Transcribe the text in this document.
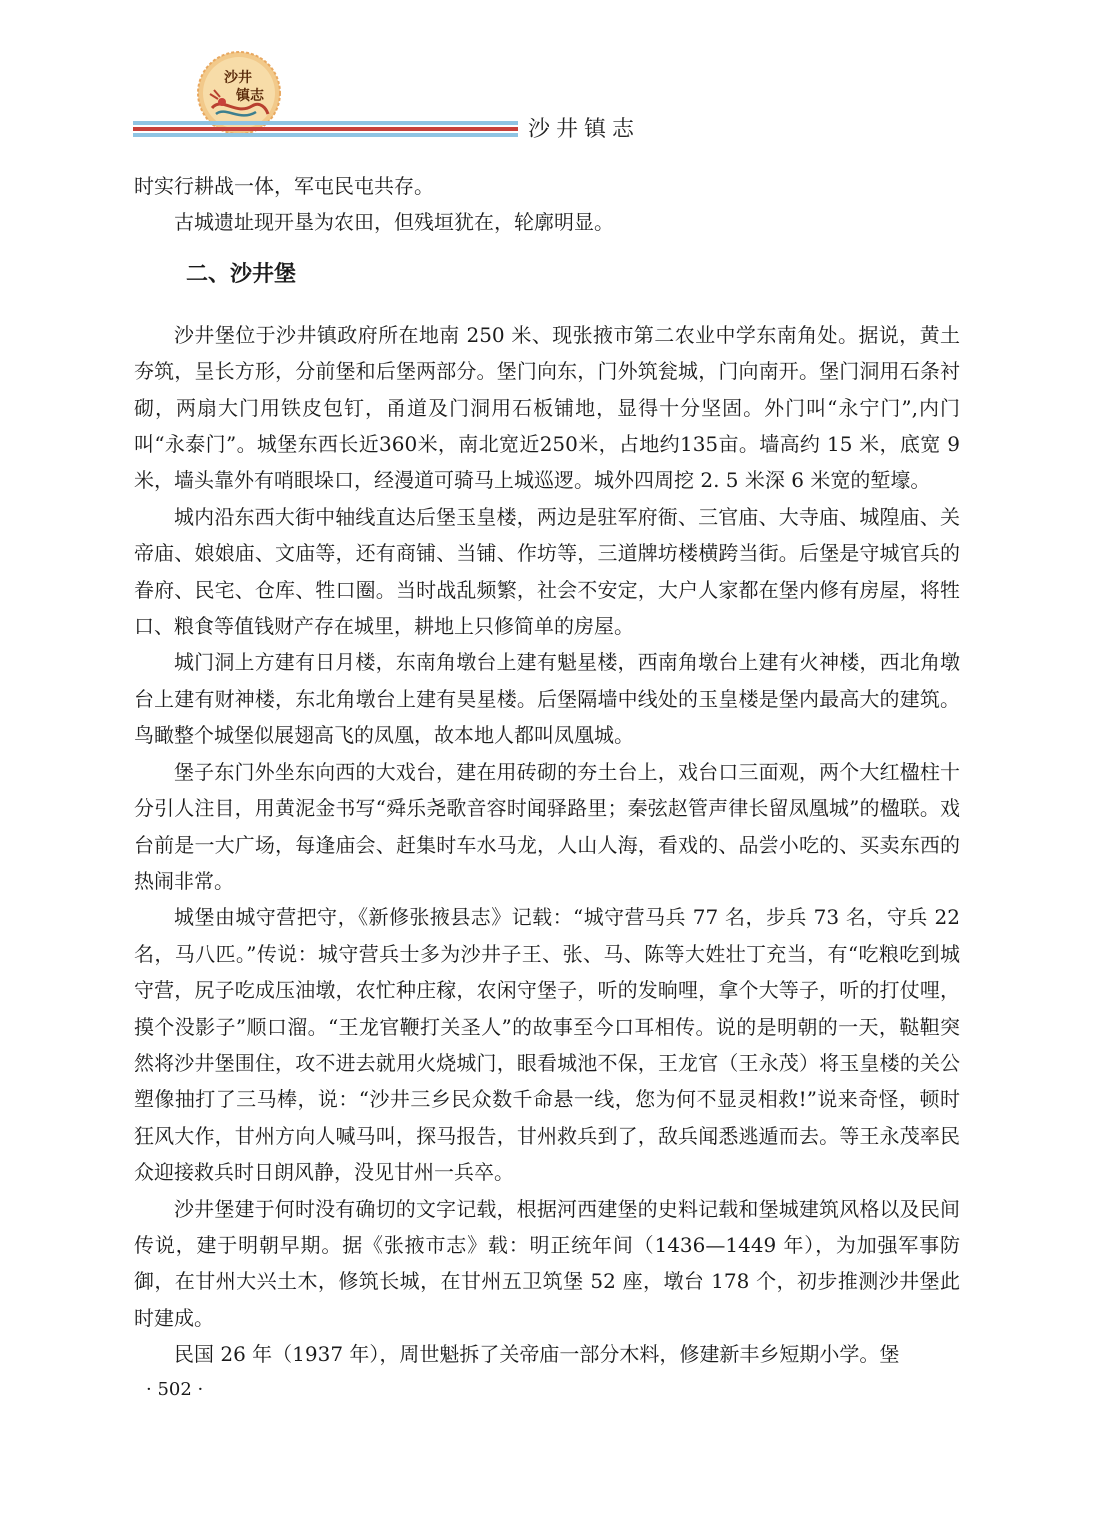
沙井
镇志
沙井镇志

时实行耕战一体，军屯民屯共存。

古城遗址现开垦为农田，但残垣犹在，轮廓明显。

二、沙井堡

沙井堡位于沙井镇政府所在地南 250 米、现张掖市第二农业中学东南角处。据说，黄土夯筑，呈长方形，分前堡和后堡两部分。堡门向东，门外筑瓮城，门向南开。堡门洞用石条衬砌，两扇大门用铁皮包钉，甬道及门洞用石板铺地，显得十分坚固。外门叫“永宁门”,内门叫“永泰门”。城堡东西长近360米，南北宽近250米，占地约135亩。墙高约 15 米，底宽 9 米，墙头靠外有哨眼垛口，经漫道可骑马上城巡逻。城外四周挖 2. 5 米深 6 米宽的堑壕。

城内沿东西大街中轴线直达后堡玉皇楼，两边是驻军府衙、三官庙、大寺庙、城隍庙、关帝庙、娘娘庙、文庙等，还有商铺、当铺、作坊等，三道牌坊楼横跨当街。后堡是守城官兵的眷府、民宅、仓库、牲口圈。当时战乱频繁，社会不安定，大户人家都在堡内修有房屋，将牲口、粮食等值钱财产存在城里，耕地上只修简单的房屋。

城门洞上方建有日月楼，东南角墩台上建有魁星楼，西南角墩台上建有火神楼，西北角墩台上建有财神楼，东北角墩台上建有昊星楼。后堡隔墙中线处的玉皇楼是堡内最高大的建筑。鸟瞰整个城堡似展翅高飞的凤凰，故本地人都叫凤凰城。

堡子东门外坐东向西的大戏台，建在用砖砌的夯土台上，戏台口三面观，两个大红楹柱十分引人注目，用黄泥金书写“舜乐尧歌音容时闻驿路里；秦弦赵管声律长留凤凰城”的楹联。戏台前是一大广场，每逢庙会、赶集时车水马龙，人山人海，看戏的、品尝小吃的、买卖东西的热闹非常。

城堡由城守营把守，《新修张掖县志》记载：“城守营马兵 77 名，步兵 73 名，守兵 22 名，马八匹。”传说：城守营兵士多为沙井子王、张、马、陈等大姓壮丁充当，有“吃粮吃到城守营，尻子吃成压油墩，农忙种庄稼，农闲守堡子，听的发晌哩，拿个大等子，听的打仗哩，摸个没影子”顺口溜。“王龙官鞭打关圣人”的故事至今口耳相传。说的是明朝的一天，鞑靼突然将沙井堡围住，攻不进去就用火烧城门，眼看城池不保，王龙官（王永茂）将玉皇楼的关公塑像抽打了三马棒，说：“沙井三乡民众数千命悬一线，您为何不显灵相救!”说来奇怪，顿时狂风大作，甘州方向人喊马叫，探马报告，甘州救兵到了，敌兵闻悉逃遁而去。等王永茂率民众迎接救兵时日朗风静，没见甘州一兵卒。

沙井堡建于何时没有确切的文字记载，根据河西建堡的史料记载和堡城建筑风格以及民间传说，建于明朝早期。据《张掖市志》载：明正统年间（1436—1449 年），为加强军事防御，在甘州大兴土木，修筑长城，在甘州五卫筑堡 52 座，墩台 178 个，初步推测沙井堡此时建成。

民国 26 年（1937 年），周世魁拆了关帝庙一部分木料，修建新丰乡短期小学。堡

· 502 ·
